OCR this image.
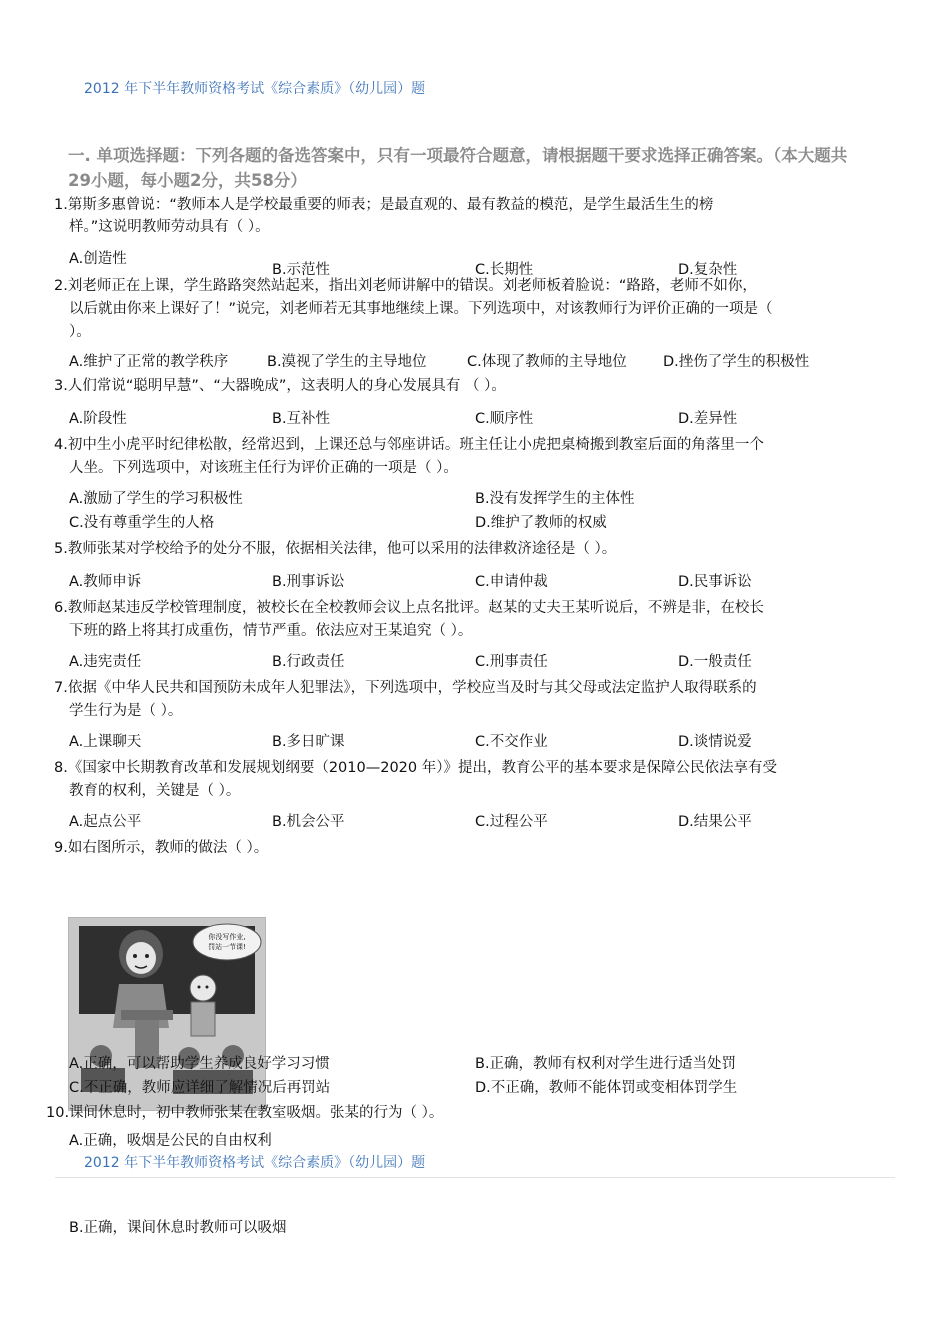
2012 年下半年教师资格考试《综合素质》（幼儿园）题
一. 单项选择题：下列各题的备选答案中，只有一项最符合题意，请根据题干要求选择正确答案。（本大题共
29小题，每小题2分，共58分）
1.第斯多惠曾说：“教师本人是学校最重要的师表；是最直观的、最有教益的模范，是学生最活生生的榜
样。”这说明教师劳动具有（ ）。
A.创造性
B.示范性	C.长期性	D.复杂性
2.刘老师正在上课，学生路路突然站起来，指出刘老师讲解中的错误。刘老师板着脸说：“路路，老师不如你，
以后就由你来上课好了！”说完，刘老师若无其事地继续上课。下列选项中，对该教师行为评价正确的一项是（
）。
A.维护了正常的教学秩序	B.漠视了学生的主导地位	C.体现了教师的主导地位	D.挫伤了学生的积极性
3.人们常说“聪明早慧”、“大器晚成”，这表明人的身心发展具有 （ ）。
A.阶段性	B.互补性	C.顺序性	D.差异性
4.初中生小虎平时纪律松散，经常迟到，上课还总与邻座讲话。班主任让小虎把桌椅搬到教室后面的角落里一个
人坐。下列选项中，对该班主任行为评价正确的一项是（ ）。
A.激励了学生的学习积极性	B.没有发挥学生的主体性
C.没有尊重学生的人格	D.维护了教师的权威
5.教师张某对学校给予的处分不服，依据相关法律，他可以采用的法律救济途径是（ ）。
A.教师申诉	B.刑事诉讼	C.申请仲裁	D.民事诉讼
6.教师赵某违反学校管理制度，被校长在全校教师会议上点名批评。赵某的丈夫王某听说后，不辨是非，在校长
下班的路上将其打成重伤，情节严重。依法应对王某追究（ ）。
A.违宪责任	B.行政责任	C.刑事责任	D.一般责任
7.依据《中华人民共和国预防未成年人犯罪法》，下列选项中，学校应当及时与其父母或法定监护人取得联系的
学生行为是（ ）。
A.上课聊天	B.多日旷课	C.不交作业	D.谈情说爱
8.《国家中长期教育改革和发展规划纲要（2010—2020 年）》提出，教育公平的基本要求是保障公民依法享有受
教育的权利，关键是（ ）。
A.起点公平	B.机会公平	C.过程公平	D.结果公平
9.如右图所示，教师的做法（ ）。
你没写作业,
罚站一节课!
A.正确，可以帮助学生养成良好学习习惯	B.正确，教师有权利对学生进行适当处罚
C.不正确，教师应详细了解情况后再罚站	D.不正确，教师不能体罚或变相体罚学生
10.课间休息时，初中教师张某在教室吸烟。张某的行为（ ）。
A.正确，吸烟是公民的自由权利
2012 年下半年教师资格考试《综合素质》（幼儿园）题
B.正确，课间休息时教师可以吸烟
